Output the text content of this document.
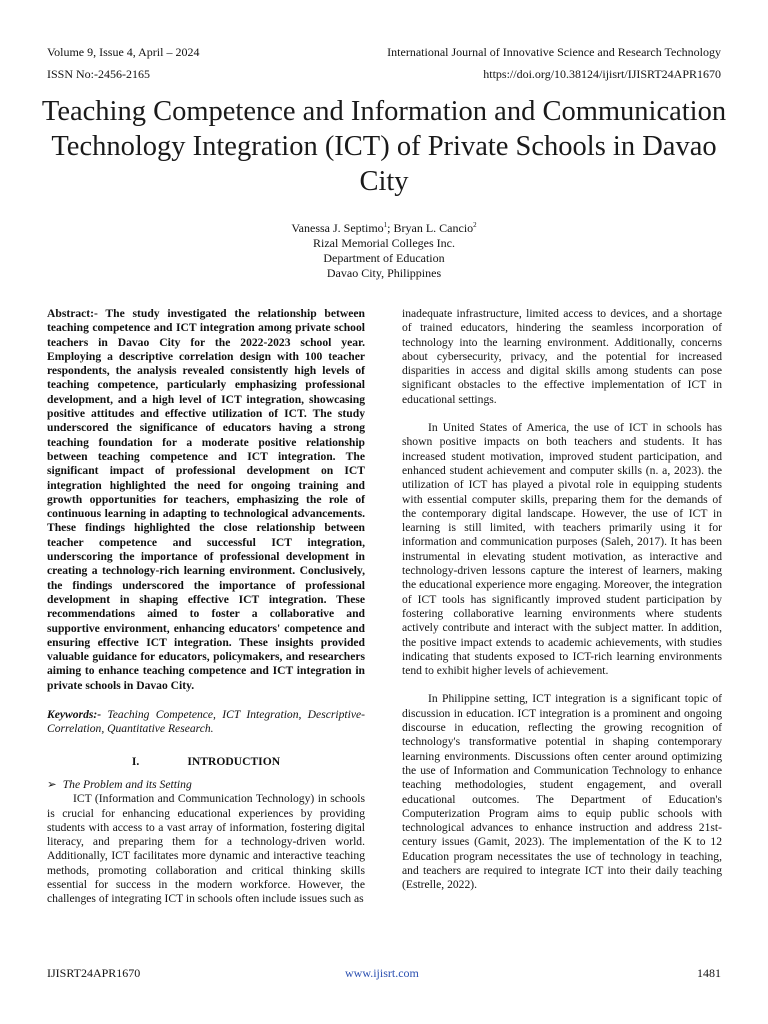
Volume 9, Issue 4, April – 2024	International Journal of Innovative Science and Research Technology
ISSN No:-2456-2165	https://doi.org/10.38124/ijisrt/IJISRT24APR1670
Teaching Competence and Information and Communication Technology Integration (ICT) of Private Schools in Davao City
Vanessa J. Septimo$^1$; Bryan L. Cancio$^2$
Rizal Memorial Colleges Inc.
Department of Education
Davao City, Philippines

Abstract:- The study investigated the relationship between teaching competence and ICT integration among private school teachers in Davao City for the 2022-2023 school year. Employing a descriptive correlation design with 100 teacher respondents, the analysis revealed consistently high levels of teaching competence, particularly emphasizing professional development, and a high level of ICT integration, showcasing positive attitudes and effective utilization of ICT. The study underscored the significance of educators having a strong teaching foundation for a moderate positive relationship between teaching competence and ICT integration. The significant impact of professional development on ICT integration highlighted the need for ongoing training and growth opportunities for teachers, emphasizing the role of continuous learning in adapting to technological advancements. These findings highlighted the close relationship between teacher competence and successful ICT integration, underscoring the importance of professional development in creating a technology-rich learning environment. Conclusively, the findings underscored the importance of professional development in shaping effective ICT integration. These recommendations aimed to foster a collaborative and supportive environment, enhancing educators' competence and ensuring effective ICT integration. These insights provided valuable guidance for educators, policymakers, and researchers aiming to enhance teaching competence and ICT integration in private schools in Davao City.

Keywords:- Teaching Competence, ICT Integration, Descriptive-Correlation, Quantitative Research.

I.	INTRODUCTION
➢ The Problem and its Setting

ICT (Information and Communication Technology) in schools is crucial for enhancing educational experiences by providing students with access to a vast array of information, fostering digital literacy, and preparing them for a technology-driven world. Additionally, ICT facilitates more dynamic and interactive teaching methods, promoting collaboration and critical thinking skills essential for success in the modern workforce. However, the challenges of integrating ICT in schools often include issues such as

inadequate infrastructure, limited access to devices, and a shortage of trained educators, hindering the seamless incorporation of technology into the learning environment. Additionally, concerns about cybersecurity, privacy, and the potential for increased disparities in access and digital skills among students can pose significant obstacles to the effective implementation of ICT in educational settings.

In United States of America, the use of ICT in schools has shown positive impacts on both teachers and students. It has increased student motivation, improved student participation, and enhanced student achievement and computer skills (n. a, 2023). the utilization of ICT has played a pivotal role in equipping students with essential computer skills, preparing them for the demands of the contemporary digital landscape. However, the use of ICT in learning is still limited, with teachers primarily using it for information and communication purposes (Saleh, 2017). It has been instrumental in elevating student motivation, as interactive and technology-driven lessons capture the interest of learners, making the educational experience more engaging. Moreover, the integration of ICT tools has significantly improved student participation by fostering collaborative learning environments where students actively contribute and interact with the subject matter. In addition, the positive impact extends to academic achievements, with studies indicating that students exposed to ICT-rich learning environments tend to exhibit higher levels of achievement.

In Philippine setting, ICT integration is a significant topic of discussion in education. ICT integration is a prominent and ongoing discourse in education, reflecting the growing recognition of technology's transformative potential in shaping contemporary learning environments. Discussions often center around optimizing the use of Information and Communication Technology to enhance teaching methodologies, student engagement, and overall educational outcomes. The Department of Education's Computerization Program aims to equip public schools with technological advances to enhance instruction and address 21st-century issues (Gamit, 2023). The implementation of the K to 12 Education program necessitates the use of technology in teaching, and teachers are required to integrate ICT into their daily teaching (Estrelle, 2022).

IJISRT24APR1670	www.ijisrt.com	1481
